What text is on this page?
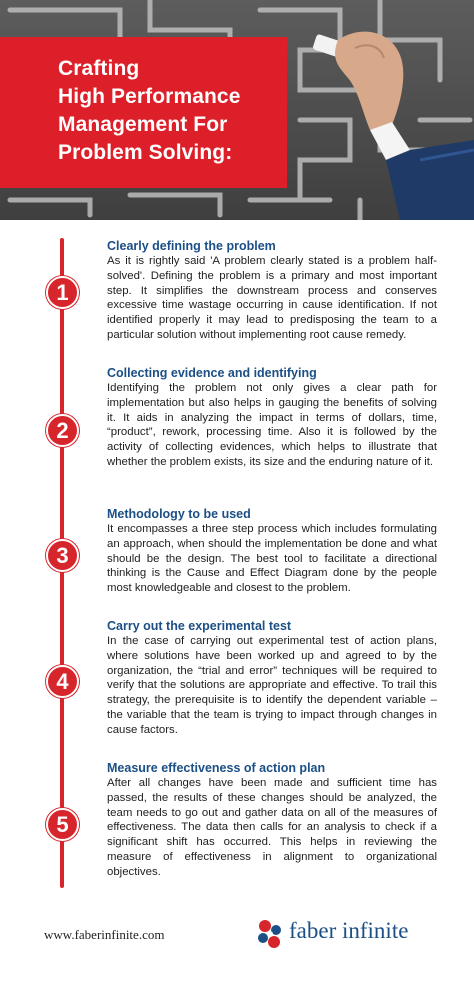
Crafting
High Performance
Management For
Problem Solving:
1
2
3
4
5
Clearly defining the problem
As it is rightly said 'A problem clearly stated is a problem half-solved'. Defining the problem is a primary and most important step. It simplifies the downstream process and conserves excessive time wastage occurring in cause identification. If not identified properly it may lead to predisposing the team to a particular solution without implementing root cause remedy.
Collecting evidence and identifying
Identifying the problem not only gives a clear path for implementation but also helps in gauging the benefits of solving it. It aids in analyzing the impact in terms of dollars, time, “product”, rework, processing time. Also it is followed by the activity of collecting evidences, which helps to illustrate that whether the problem exists, its size and the enduring nature of it.
Methodology to be used
It encompasses a three step process which includes formulating an approach, when should the implementation be done and what should be the design. The best tool to facilitate a directional thinking is the Cause and Effect Diagram done by the people most knowledgeable and closest to the problem.
Carry out the experimental test
In the case of carrying out experimental test of action plans, where solutions have been worked up and agreed to by the organization, the “trial and error” techniques will be required to verify that the solutions are appropriate and effective. To trail this strategy, the prerequisite is to identify the dependent variable – the variable that the team is trying to impact through changes in cause factors.
Measure effectiveness of action plan
After all changes have been made and sufficient time has passed, the results of these changes should be analyzed, the team needs to go out and gather data on all of the measures of effectiveness. The data then calls for an analysis to check if a significant shift has occurred. This helps in reviewing the measure of effectiveness in alignment to organizational objectives.
www.faberinfinite.com	faber infinite
